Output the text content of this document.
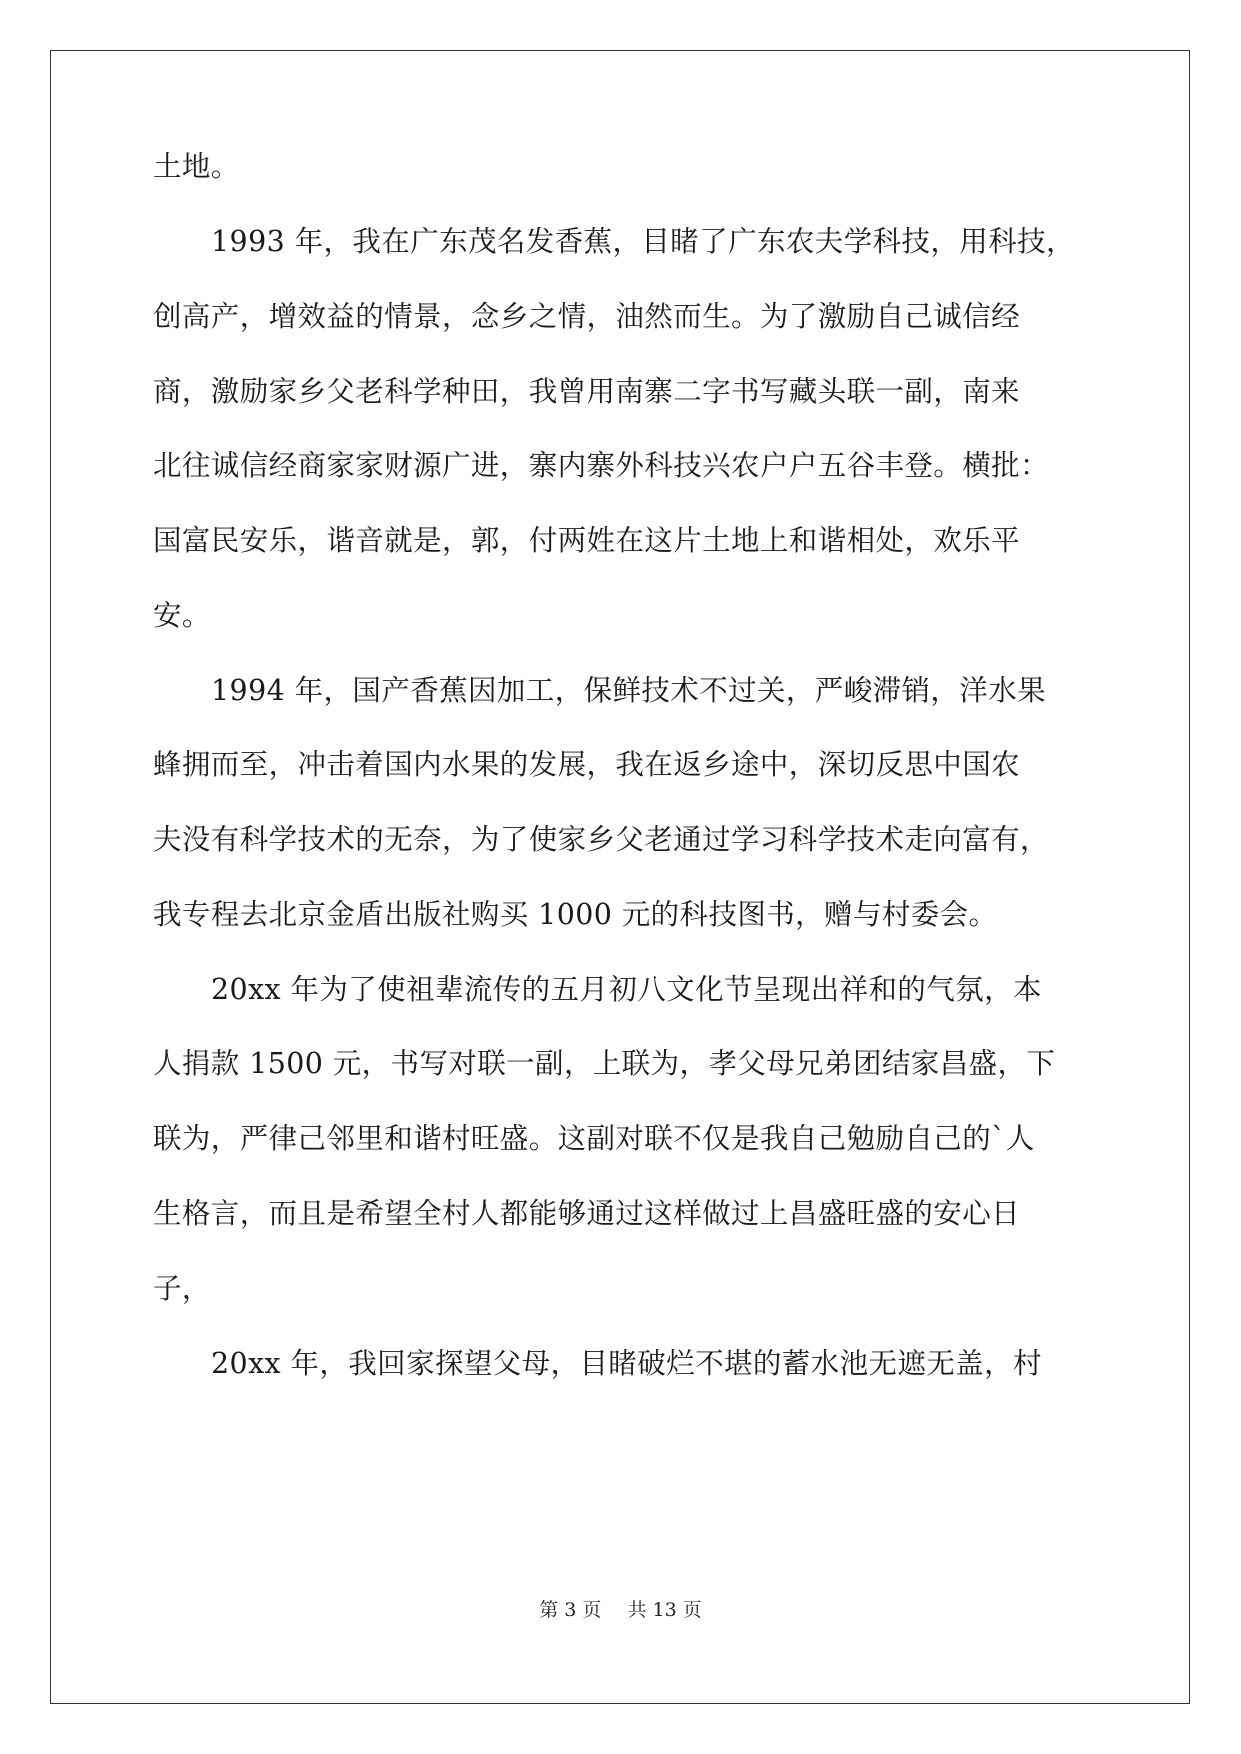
土地。
1993 年，我在广东茂名发香蕉，目睹了广东农夫学科技，用科技，
创高产，增效益的情景，念乡之情，油然而生。为了激励自己诚信经
商，激励家乡父老科学种田，我曾用南寨二字书写藏头联一副，南来
北往诚信经商家家财源广进，寨内寨外科技兴农户户五谷丰登。横批：
国富民安乐，谐音就是，郭，付两姓在这片土地上和谐相处，欢乐平
安。
1994 年，国产香蕉因加工，保鲜技术不过关，严峻滞销，洋水果
蜂拥而至，冲击着国内水果的发展，我在返乡途中，深切反思中国农
夫没有科学技术的无奈，为了使家乡父老通过学习科学技术走向富有，
我专程去北京金盾出版社购买 1000 元的科技图书，赠与村委会。
20xx 年为了使祖辈流传的五月初八文化节呈现出祥和的气氛，本
人捐款 1500 元，书写对联一副，上联为，孝父母兄弟团结家昌盛，下
联为，严律己邻里和谐村旺盛。这副对联不仅是我自己勉励自己的`人
生格言，而且是希望全村人都能够通过这样做过上昌盛旺盛的安心日
子，
20xx 年，我回家探望父母，目睹破烂不堪的蓄水池无遮无盖，村
第 3 页 共 13 页
